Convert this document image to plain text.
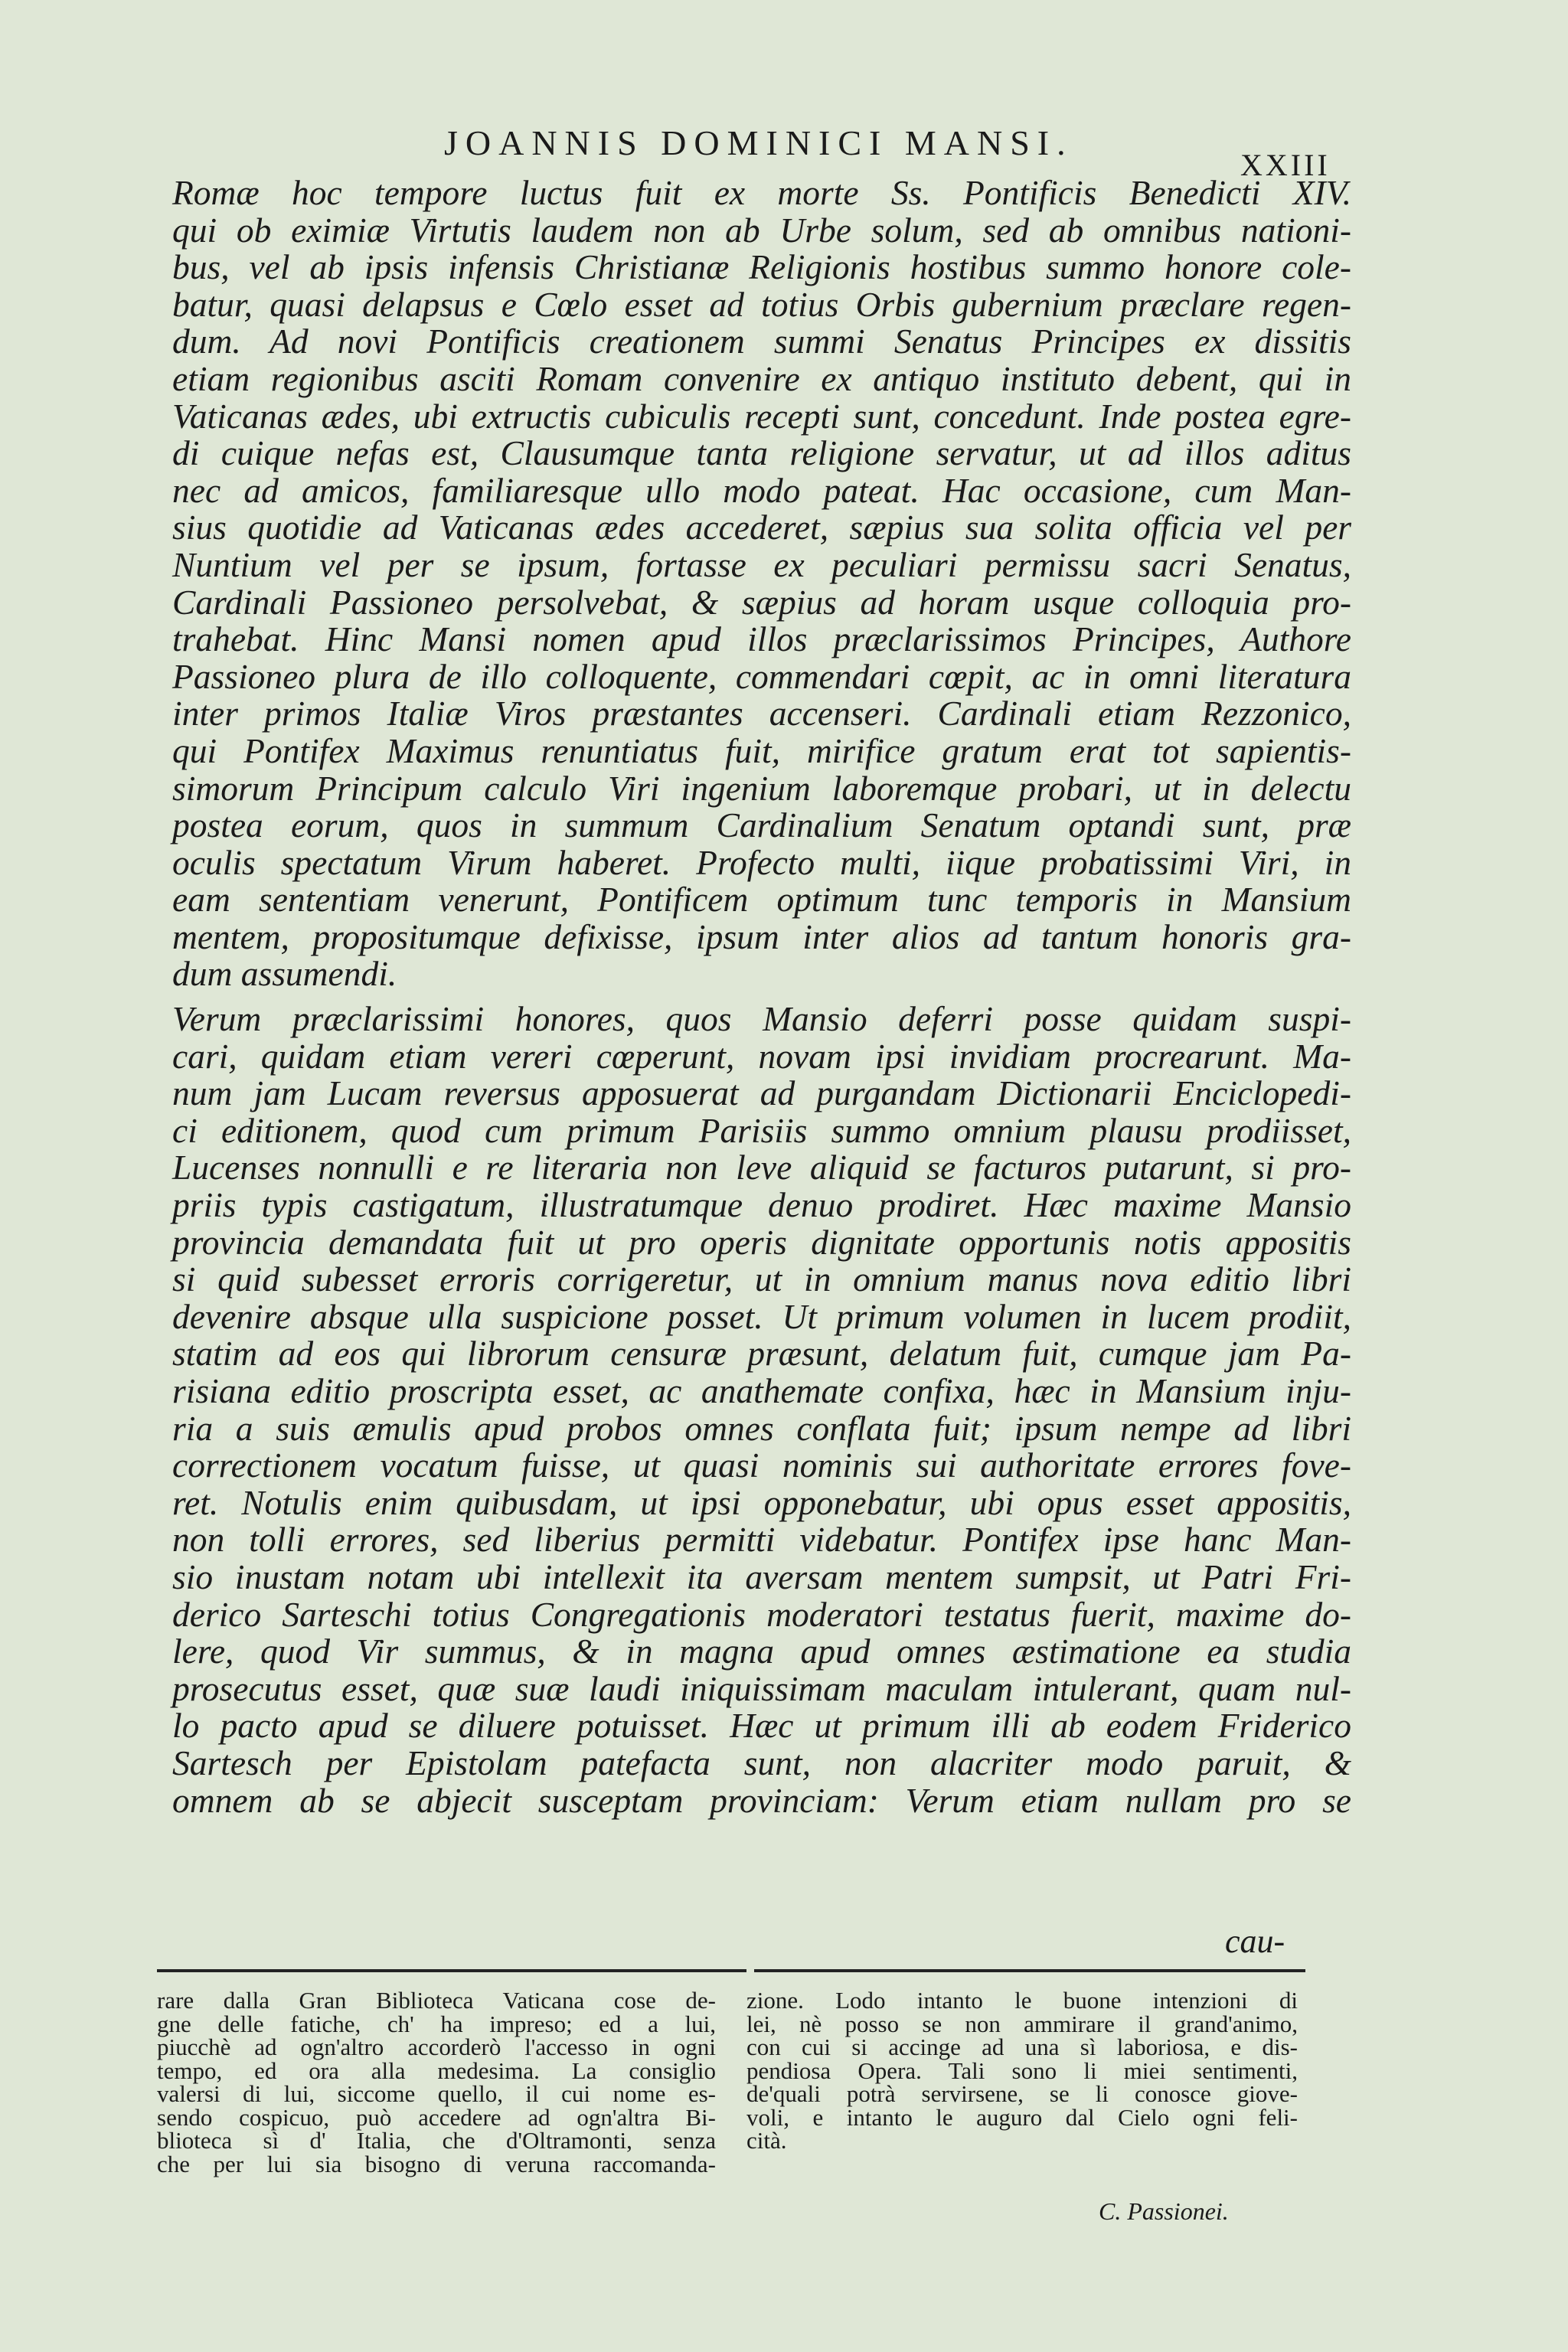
JOANNIS DOMINICI MANSI.
XXIII
Romæ hoc tempore luctus fuit ex morte Ss. Pontificis Benedicti XIV.
qui ob eximiæ Virtutis laudem non ab Urbe solum, sed ab omnibus nationi-
bus, vel ab ipsis infensis Christianæ Religionis hostibus summo honore cole-
batur, quasi delapsus e Cœlo esset ad totius Orbis gubernium præclare regen-
dum. Ad novi Pontificis creationem summi Senatus Principes ex dissitis
etiam regionibus asciti Romam convenire ex antiquo instituto debent, qui in
Vaticanas ædes, ubi extructis cubiculis recepti sunt, concedunt. Inde postea egre-
di cuique nefas est, Clausumque tanta religione servatur, ut ad illos aditus
nec ad amicos, familiaresque ullo modo pateat. Hac occasione, cum Man-
sius quotidie ad Vaticanas ædes accederet, sæpius sua solita officia vel per
Nuntium vel per se ipsum, fortasse ex peculiari permissu sacri Senatus,
Cardinali Passioneo persolvebat, & sæpius ad horam usque colloquia pro-
trahebat. Hinc Mansi nomen apud illos præclarissimos Principes, Authore
Passioneo plura de illo colloquente, commendari cœpit, ac in omni literatura
inter primos Italiæ Viros præstantes accenseri. Cardinali etiam Rezzonico,
qui Pontifex Maximus renuntiatus fuit, mirifice gratum erat tot sapientis-
simorum Principum calculo Viri ingenium laboremque probari, ut in delectu
postea eorum, quos in summum Cardinalium Senatum optandi sunt, præ
oculis spectatum Virum haberet. Profecto multi, iique probatissimi Viri, in
eam sententiam venerunt, Pontificem optimum tunc temporis in Mansium
mentem, propositumque defixisse, ipsum inter alios ad tantum honoris gra-
dum assumendi.
Verum præclarissimi honores, quos Mansio deferri posse quidam suspi-
cari, quidam etiam vereri cœperunt, novam ipsi invidiam procrearunt. Ma-
num jam Lucam reversus apposuerat ad purgandam Dictionarii Enciclopedi-
ci editionem, quod cum primum Parisiis summo omnium plausu prodiisset,
Lucenses nonnulli e re literaria non leve aliquid se facturos putarunt, si pro-
priis typis castigatum, illustratumque denuo prodiret. Hæc maxime Mansio
provincia demandata fuit ut pro operis dignitate opportunis notis appositis
si quid subesset erroris corrigeretur, ut in omnium manus nova editio libri
devenire absque ulla suspicione posset. Ut primum volumen in lucem prodiit,
statim ad eos qui librorum censuræ præsunt, delatum fuit, cumque jam Pa-
risiana editio proscripta esset, ac anathemate confixa, hæc in Mansium inju-
ria a suis æmulis apud probos omnes conflata fuit; ipsum nempe ad libri
correctionem vocatum fuisse, ut quasi nominis sui authoritate errores fove-
ret. Notulis enim quibusdam, ut ipsi opponebatur, ubi opus esset appositis,
non tolli errores, sed liberius permitti videbatur. Pontifex ipse hanc Man-
sio inustam notam ubi intellexit ita aversam mentem sumpsit, ut Patri Fri-
derico Sarteschi totius Congregationis moderatori testatus fuerit, maxime do-
lere, quod Vir summus, & in magna apud omnes æstimatione ea studia
prosecutus esset, quæ suæ laudi iniquissimam maculam intulerant, quam nul-
lo pacto apud se diluere potuisset. Hæc ut primum illi ab eodem Friderico
Sartesch per Epistolam patefacta sunt, non alacriter modo paruit, &
omnem ab se abjecit susceptam provinciam: Verum etiam nullam pro se
cau-
rare dalla Gran Biblioteca Vaticana cose de-
gne delle fatiche, ch' ha impreso; ed a lui,
piucchè ad ogn'altro accorderò l'accesso in ogni
tempo, ed ora alla medesima. La consiglio
valersi di lui, siccome quello, il cui nome es-
sendo cospicuo, può accedere ad ogn'altra Bi-
blioteca sì d' Italia, che d'Oltramonti, senza
che per lui sia bisogno di veruna raccomanda-
zione. Lodo intanto le buone intenzioni di
lei, nè posso se non ammirare il grand'animo,
con cui si accinge ad una sì laboriosa, e dis-
pendiosa Opera. Tali sono li miei sentimenti,
de'quali potrà servirsene, se li conosce giove-
voli, e intanto le auguro dal Cielo ogni feli-
cità.
C. Passionei.
